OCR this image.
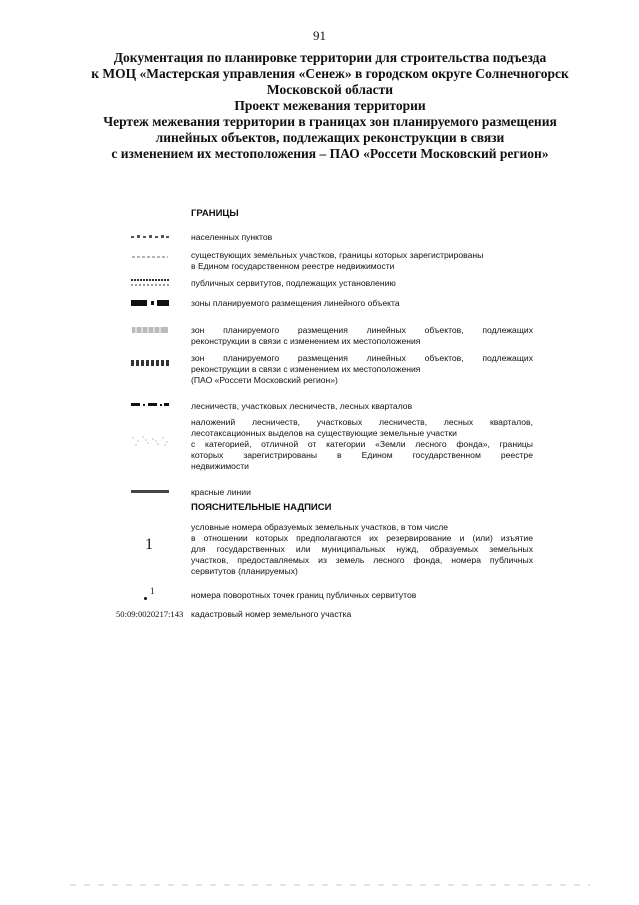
91
Документация по планировке территории для строительства подъезда
к МОЦ «Мастерская управления «Сенеж» в городском округе Солнечногорск
Московской области
Проект межевания территории
Чертеж межевания территории в границах зон планируемого размещения
линейных объектов, подлежащих реконструкции в связи
с изменением их местоположения – ПАО «Россети Московский регион»
ГРАНИЦЫ
населенных пунктов
существующих земельных участков, границы которых зарегистрированы
в Едином государственном реестре недвижимости
публичных сервитутов, подлежащих установлению
зоны планируемого размещения линейного объекта
зон планируемого размещения линейных объектов, подлежащих
реконструкции в связи с изменением их местоположения
зон планируемого размещения линейных объектов, подлежащих
реконструкции в связи с изменением их местоположения
(ПАО «Россети Московский регион»)
лесничеств, участковых лесничеств, лесных кварталов
наложений лесничеств, участковых лесничеств, лесных кварталов,
лесотаксационных выделов на существующие земельные участки
с категорией, отличной от категории «Земли лесного фонда», границы
которых зарегистрированы в Едином государственном реестре
недвижимости
красные линии
ПОЯСНИТЕЛЬНЫЕ НАДПИСИ
1
условные номера образуемых земельных участков, в том числе
в отношении которых предполагаются их резервирование и (или) изъятие
для государственных или муниципальных нужд, образуемых земельных
участков, предоставляемых из земель лесного фонда, номера публичных
сервитутов (планируемых)
1	номера поворотных точек границ публичных сервитутов
50:09:0020217:143 кадастровый номер земельного участка
